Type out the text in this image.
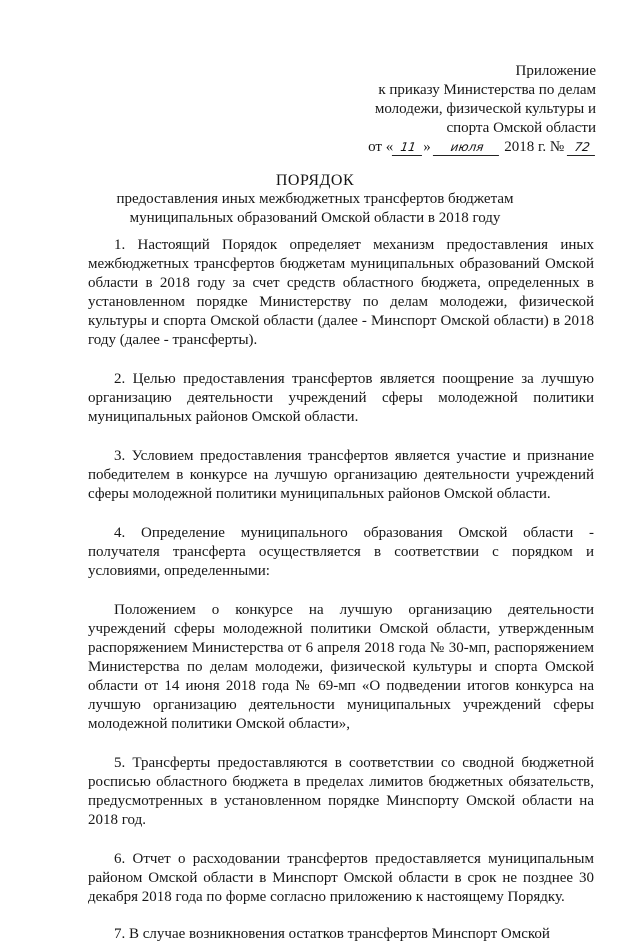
Приложение
к приказу Министерства по делам
молодежи, физической культуры и
спорта Омской области
от « 11 » июля 2018 г. № 72
ПОРЯДОК
предоставления иных межбюджетных трансфертов бюджетам
муниципальных образований Омской области в 2018 году

1. Настоящий Порядок определяет механизм предоставления иных межбюджетных трансфертов бюджетам муниципальных образований Омской области в 2018 году за счет средств областного бюджета, определенных в установленном порядке Министерству по делам молодежи, физической культуры и спорта Омской области (далее - Минспорт Омской области) в 2018 году (далее - трансферты).

2. Целью предоставления трансфертов является поощрение за лучшую организацию деятельности учреждений сферы молодежной политики муниципальных районов Омской области.

3. Условием предоставления трансфертов является участие и признание победителем в конкурсе на лучшую организацию деятельности учреждений сферы молодежной политики муниципальных районов Омской области.

4. Определение муниципального образования Омской области - получателя трансферта осуществляется в соответствии с порядком и условиями, определенными:

Положением о конкурсе на лучшую организацию деятельности учреждений сферы молодежной политики Омской области, утвержденным распоряжением Министерства от 6 апреля 2018 года № 30-мп, распоряжением Министерства по делам молодежи, физической культуры и спорта Омской области от 14 июня 2018 года № 69-мп «О подведении итогов конкурса на лучшую организацию деятельности муниципальных учреждений сферы молодежной политики Омской области»,

5. Трансферты предоставляются в соответствии со сводной бюджетной росписью областного бюджета в пределах лимитов бюджетных обязательств, предусмотренных в установленном порядке Минспорту Омской области на 2018 год.

6. Отчет о расходовании трансфертов предоставляется муниципальным районом Омской области в Минспорт Омской области в срок не позднее 30 декабря 2018 года по форме согласно приложению к настоящему Порядку.

7. В случае возникновения остатков трансфертов Минспорт Омской
